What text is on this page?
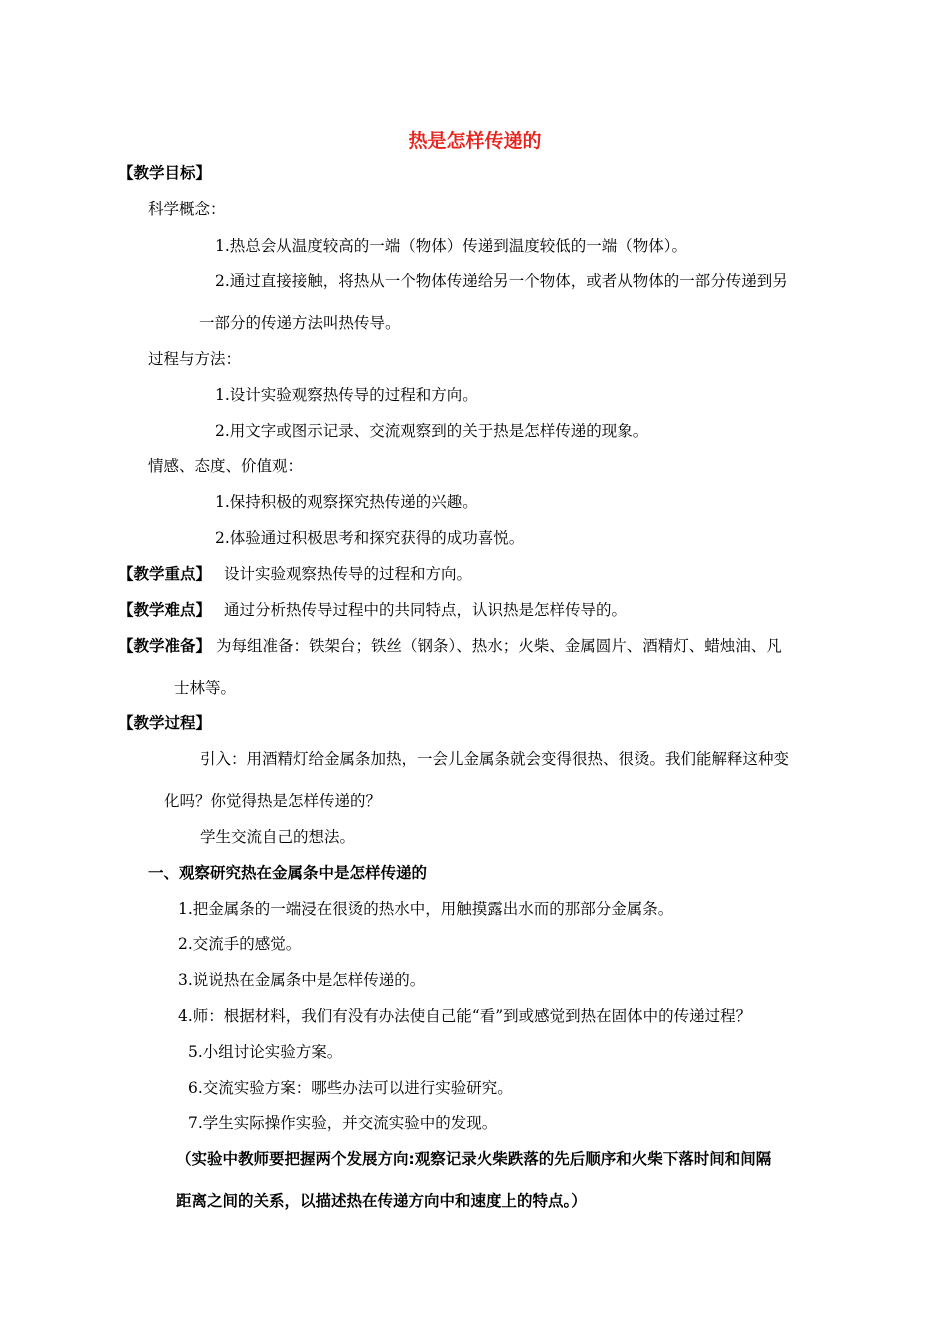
热是怎样传递的
【教学目标】
科学概念：
1.热总会从温度较高的一端（物体）传递到温度较低的一端（物体）。
2.通过直接接触，将热从一个物体传递给另一个物体，或者从物体的一部分传递到另
一部分的传递方法叫热传导。
过程与方法：
1.设计实验观察热传导的过程和方向。
2.用文字或图示记录、交流观察到的关于热是怎样传递的现象。
情感、态度、价值观：
1.保持积极的观察探究热传递的兴趣。
2.体验通过积极思考和探究获得的成功喜悦。
【教学重点】 设计实验观察热传导的过程和方向。
【教学难点】 通过分析热传导过程中的共同特点，认识热是怎样传导的。
【教学准备】 为每组准备：铁架台；铁丝（钢条）、热水；火柴、金属圆片、酒精灯、蜡烛油、凡
士林等。
【教学过程】
引入：用酒精灯给金属条加热，一会儿金属条就会变得很热、很烫。我们能解释这种变
化吗？你觉得热是怎样传递的？
学生交流自己的想法。
一、观察研究热在金属条中是怎样传递的
1.把金属条的一端浸在很烫的热水中，用触摸露出水而的那部分金属条。
2.交流手的感觉。
3.说说热在金属条中是怎样传递的。
4.师：根据材料，我们有没有办法使自己能“看”到或感觉到热在固体中的传递过程？
5.小组讨论实验方案。
6.交流实验方案：哪些办法可以进行实验研究。
7.学生实际操作实验，并交流实验中的发现。
（实验中教师要把握两个发展方向:观察记录火柴跌落的先后顺序和火柴下落时间和间隔
距离之间的关系，以描述热在传递方向中和速度上的特点。）
